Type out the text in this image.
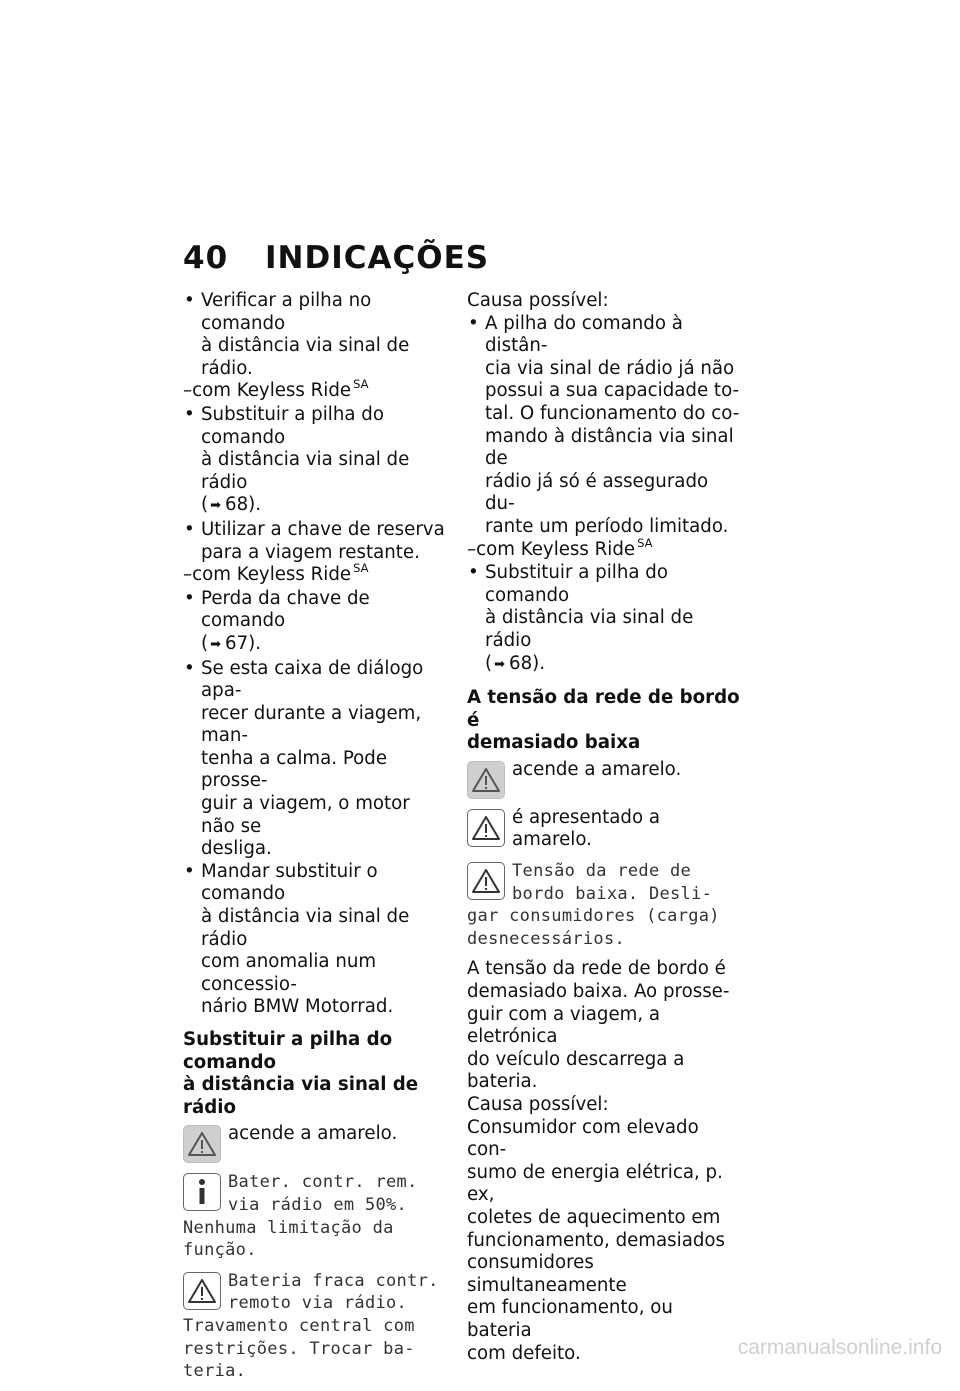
40 INDICAÇÕES
• Verificar a pilha no comando
à distância via sinal de rádio.
–com Keyless Ride $^{SA}$
• Substituir a pilha do comando
à distância via sinal de rádio
( ➡ 68).
• Utilizar a chave de reserva
para a viagem restante.
–com Keyless Ride $^{SA}$
• Perda da chave de comando
( ➡ 67).
• Se esta caixa de diálogo apa-
recer durante a viagem, man-
tenha a calma. Pode prosse-
guir a viagem, o motor não se
desliga.
• Mandar substituir o comando
à distância via sinal de rádio
com anomalia num concessio-
nário BMW Motorrad.
Substituir a pilha do comando
à distância via sinal de rádio
acende a amarelo.
Bater. contr. rem.
via rádio em 50%.
Nenhuma limitação da
função.
Bateria fraca contr.
remoto via rádio.
Travamento central com
restrições. Trocar ba-
teria.
Causa possível:
• A pilha do comando à distân-
cia via sinal de rádio já não
possui a sua capacidade to-
tal. O funcionamento do co-
mando à distância via sinal de
rádio já só é assegurado du-
rante um período limitado.
–com Keyless Ride $^{SA}$
• Substituir a pilha do comando
à distância via sinal de rádio
( ➡ 68).
A tensão da rede de bordo é
demasiado baixa
acende a amarelo.
é apresentado a amarelo.
Tensão da rede de
bordo baixa. Desli-
gar consumidores (carga)
desnecessários.
A tensão da rede de bordo é
demasiado baixa. Ao prosse-
guir com a viagem, a eletrónica
do veículo descarrega a bateria.
Causa possível:
Consumidor com elevado con-
sumo de energia elétrica, p. ex,
coletes de aquecimento em
funcionamento, demasiados
consumidores simultaneamente
em funcionamento, ou bateria
com defeito.	carmanualsonline.info
